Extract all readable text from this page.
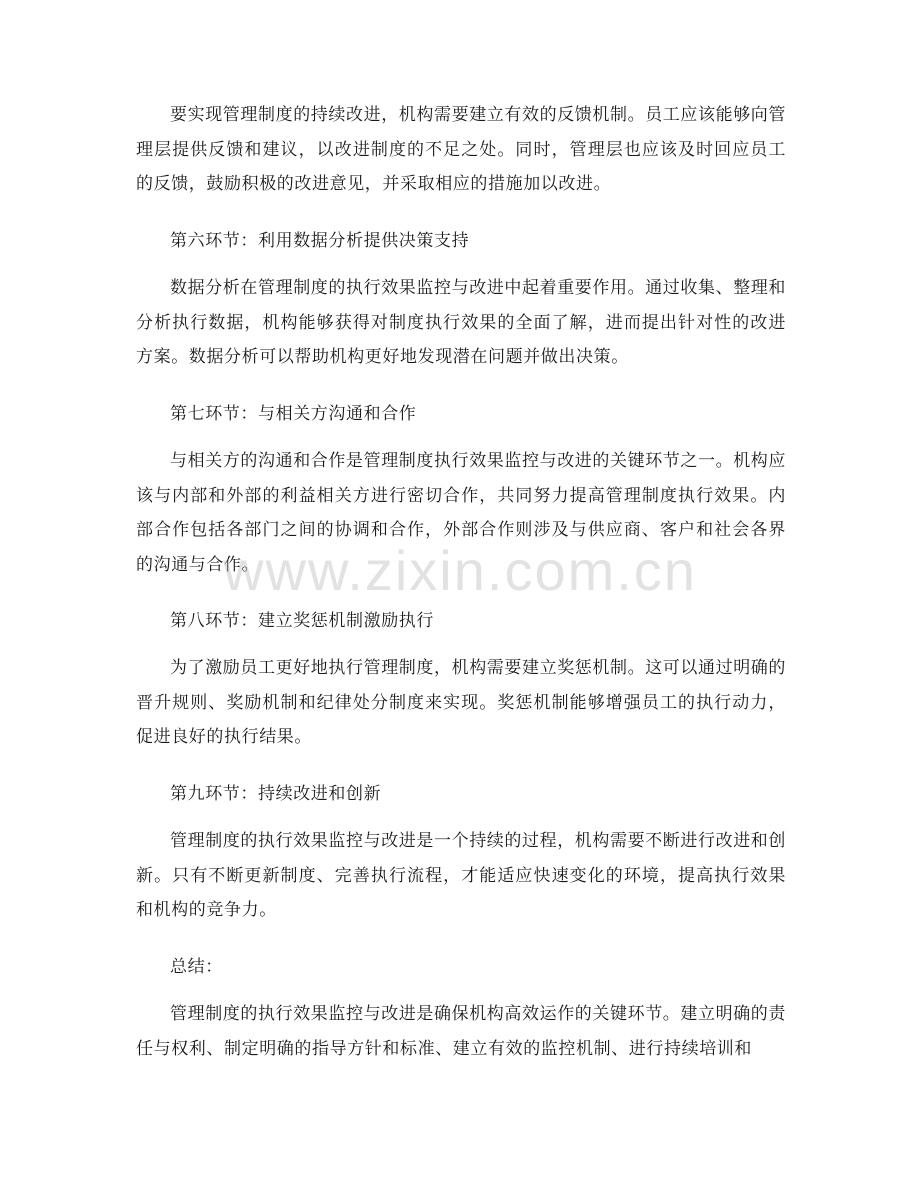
要实现管理制度的持续改进，机构需要建立有效的反馈机制。员工应该能够向管理层提供反馈和建议，以改进制度的不足之处。同时，管理层也应该及时回应员工的反馈，鼓励积极的改进意见，并采取相应的措施加以改进。

第六环节：利用数据分析提供决策支持

数据分析在管理制度的执行效果监控与改进中起着重要作用。通过收集、整理和分析执行数据，机构能够获得对制度执行效果的全面了解，进而提出针对性的改进方案。数据分析可以帮助机构更好地发现潜在问题并做出决策。

第七环节：与相关方沟通和合作

与相关方的沟通和合作是管理制度执行效果监控与改进的关键环节之一。机构应该与内部和外部的利益相关方进行密切合作，共同努力提高管理制度执行效果。内部合作包括各部门之间的协调和合作，外部合作则涉及与供应商、客户和社会各界的沟通与合作。

第八环节：建立奖惩机制激励执行

为了激励员工更好地执行管理制度，机构需要建立奖惩机制。这可以通过明确的晋升规则、奖励机制和纪律处分制度来实现。奖惩机制能够增强员工的执行动力，促进良好的执行结果。

第九环节：持续改进和创新

管理制度的执行效果监控与改进是一个持续的过程，机构需要不断进行改进和创新。只有不断更新制度、完善执行流程，才能适应快速变化的环境，提高执行效果和机构的竞争力。

总结：

管理制度的执行效果监控与改进是确保机构高效运作的关键环节。建立明确的责任与权利、制定明确的指导方针和标准、建立有效的监控机制、进行持续培训和

www.zixin.com.cn
